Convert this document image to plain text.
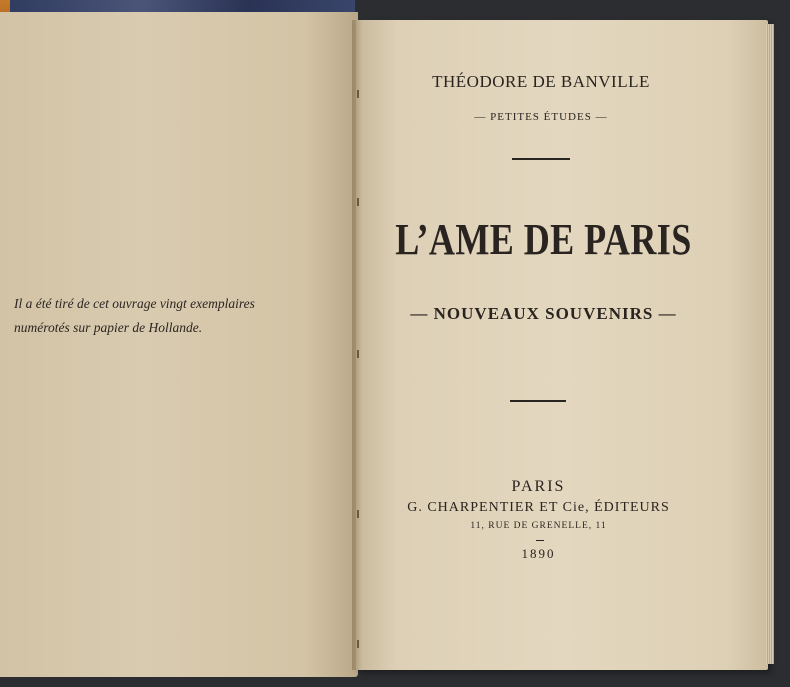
Il a été tiré de cet ouvrage vingt exemplaires
numérotés sur papier de Hollande.
THÉODORE DE BANVILLE
— PETITES ÉTUDES —
L’AME DE PARIS
— NOUVEAUX SOUVENIRS —
PARIS
G. CHARPENTIER ET Cie, ÉDITEURS
11, RUE DE GRENELLE, 11
1890
